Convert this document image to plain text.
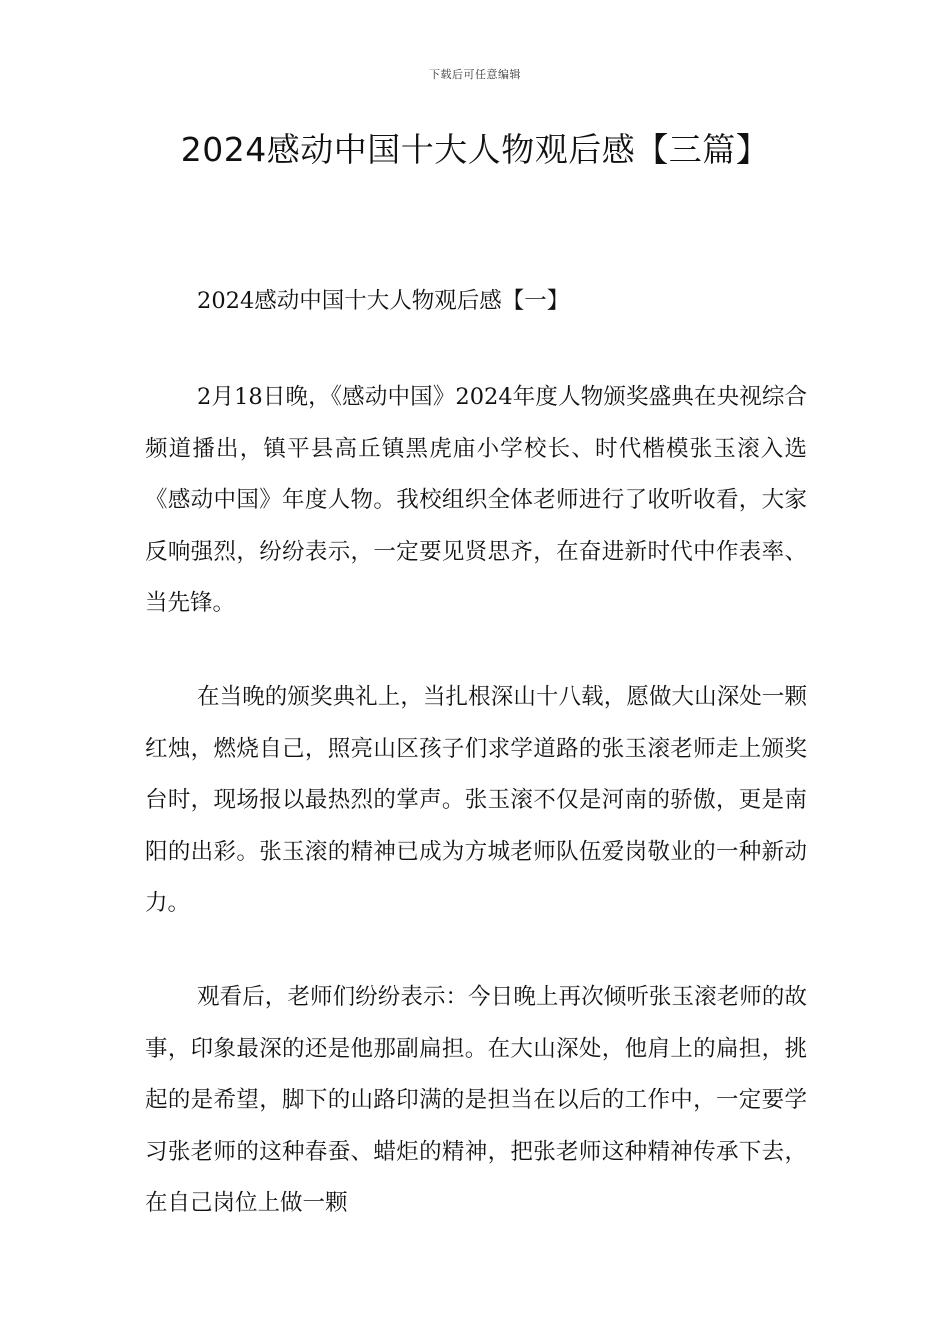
下载后可任意编辑
2024感动中国十大人物观后感【三篇】
2024感动中国十大人物观后感【一】

2月18日晚，《感动中国》2024年度人物颁奖盛典在央视综合频道播出，镇平县高丘镇黑虎庙小学校长、时代楷模张玉滚入选《感动中国》年度人物。我校组织全体老师进行了收听收看，大家反响强烈，纷纷表示，一定要见贤思齐，在奋进新时代中作表率、当先锋。

在当晚的颁奖典礼上，当扎根深山十八载，愿做大山深处一颗红烛，燃烧自己，照亮山区孩子们求学道路的张玉滚老师走上颁奖台时，现场报以最热烈的掌声。张玉滚不仅是河南的骄傲，更是南阳的出彩。张玉滚的精神已成为方城老师队伍爱岗敬业的一种新动力。

观看后，老师们纷纷表示：今日晚上再次倾听张玉滚老师的故事，印象最深的还是他那副扁担。在大山深处，他肩上的扁担，挑起的是希望，脚下的山路印满的是担当在以后的工作中，一定要学习张老师的这种春蚕、蜡炬的精神，把张老师这种精神传承下去，在自己岗位上做一颗
